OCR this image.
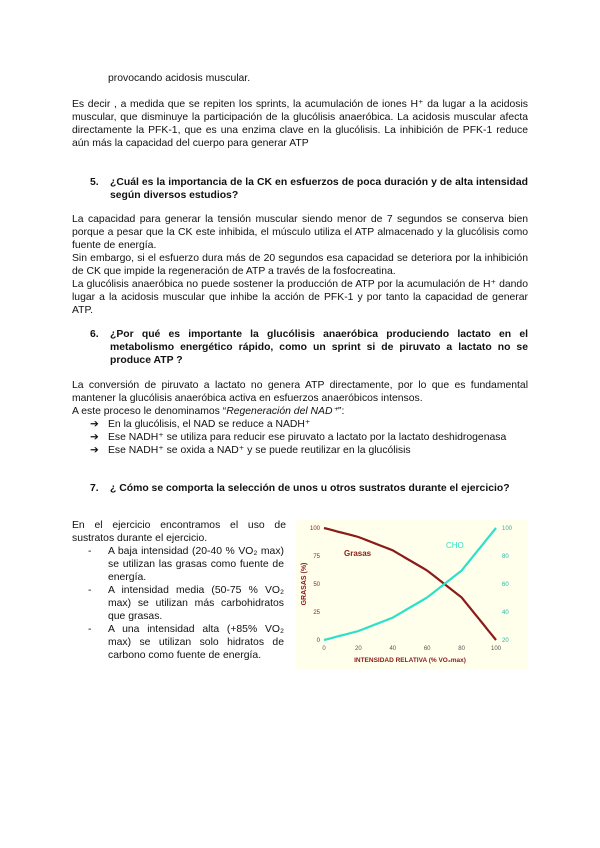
provocando acidosis muscular.
Es decir , a medida que se repiten los sprints, la acumulación de iones H⁺ da lugar a la acidosis muscular, que disminuye la participación de la glucólisis anaeróbica. La acidosis muscular afecta directamente la PFK-1, que es una enzima clave en la glucólisis. La inhibición de PFK-1 reduce aún más la capacidad del cuerpo para generar ATP
5. ¿Cuál es la importancia de la CK en esfuerzos de poca duración y de alta intensidad según diversos estudios?

La capacidad para generar la tensión muscular siendo menor de 7 segundos se conserva bien porque a pesar que la CK este inhibida, el músculo utiliza el ATP almacenado y la glucólisis como fuente de energía.

Sin embargo, si el esfuerzo dura más de 20 segundos esa capacidad se deteriora por la inhibición de CK que impide la regeneración de ATP a través de la fosfocreatina.

La glucólisis anaeróbica no puede sostener la producción de ATP por la acumulación de H⁺ dando lugar a la acidosis muscular que inhibe la acción de PFK-1 y por tanto la capacidad de generar ATP.

6. ¿Por qué es importante la glucólisis anaeróbica produciendo lactato en el metabolismo energético rápido, como un sprint si de piruvato a lactato no se produce ATP ?

La conversión de piruvato a lactato no genera ATP directamente, por lo que es fundamental mantener la glucólisis anaeróbica activa en esfuerzos anaeróbicos intensos.

A este proceso le denominamos “Regeneración del NAD⁺”:

➔ En la glucólisis, el NAD se reduce a NADH⁺
➔ Ese NADH⁺ se utiliza para reducir ese piruvato a lactato por la lactato deshidrogenasa
➔ Ese NADH⁺ se oxida a NAD⁺ y se puede reutilizar en la glucólisis
7. ¿ Cómo se comporta la selección de unos u otros sustratos durante el ejercicio?
En el ejercicio encontramos el uso de sustratos durante el ejercicio.
- A baja intensidad (20-40 % VO₂ max) se utilizan las grasas como fuente de energía.
- A intensidad media (50-75 % VO₂ max) se utilizan más carbohidratos que grasas.
- A una intensidad alta (+85% VO₂ max) se utilizan solo hidratos de carbono como fuente de energía.
0	20	40	60	80	100
0
25
50
75
100
20
40
60
80
100
Grasas
CHO
GRASAS (%)
INTENSIDAD RELATIVA (% VO₂max)
